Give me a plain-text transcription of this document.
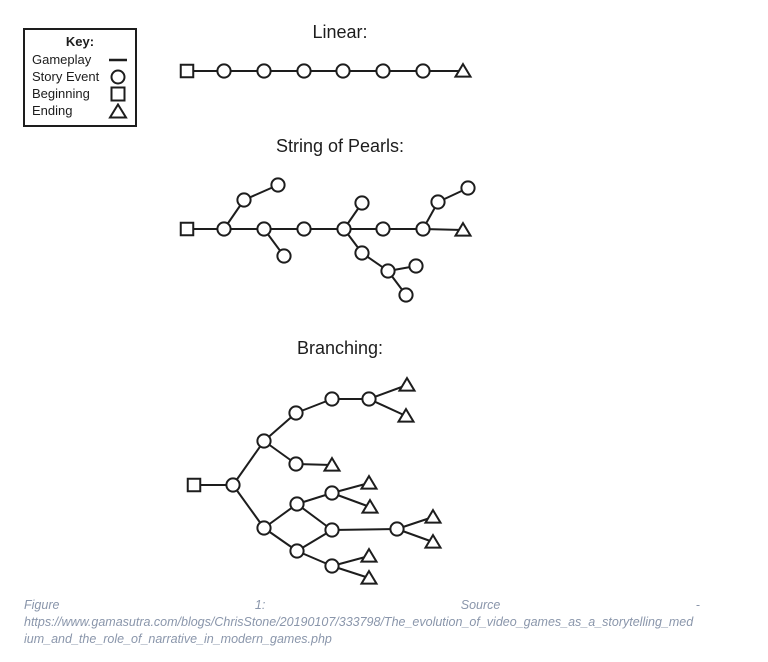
Key:
Gameplay
Story Event
Beginning
Ending
Linear:
String of Pearls:
Branching:
Figure	1:	Source	-
https://www.gamasutra.com/blogs/ChrisStone/20190107/333798/The_evolution_of_video_games_as_a_storytelling_med
ium_and_the_role_of_narrative_in_modern_games.php
